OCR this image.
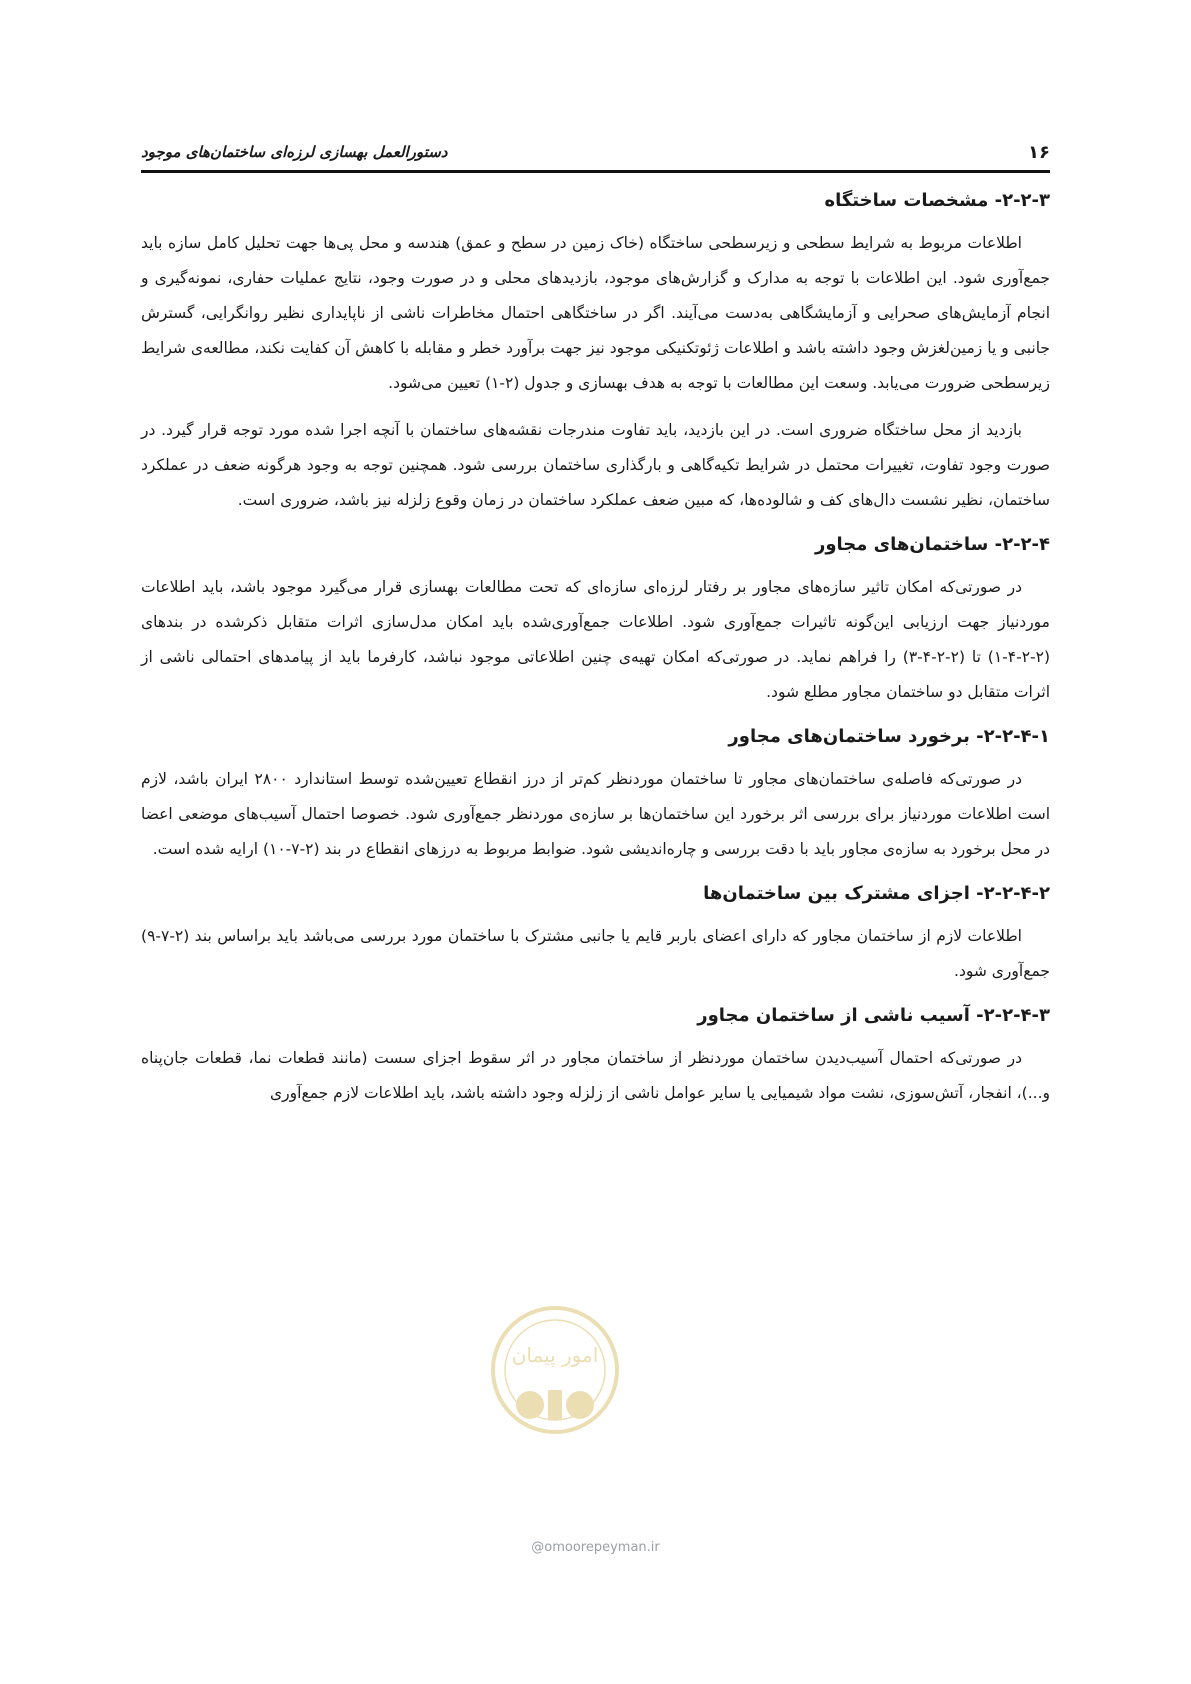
۱۶
دستورالعمل بهسازی لرزه‌ای ساختمان‌های موجود
۲-۲-۳- مشخصات ساختگاه

اطلاعات مربوط به شرایط سطحی و زیرسطحی ساختگاه (خاک زمین در سطح و عمق) هندسه و محل پی‌ها جهت تحلیل کامل سازه باید جمع‌آوری شود. این اطلاعات با توجه به مدارک و گزارش‌های موجود، بازدیدهای محلی و در صورت وجود، نتایج عملیات حفاری، نمونه‌گیری و انجام آزمایش‌های صحرایی و آزمایشگاهی به‌دست می‌آیند. اگر در ساختگاهی احتمال مخاطرات ناشی از ناپایداری نظیر روانگرایی، گسترش جانبی و یا زمین‌لغزش وجود داشته باشد و اطلاعات ژئوتکنیکی موجود نیز جهت برآورد خطر و مقابله با کاهش آن کفایت نکند، مطالعه‌ی شرایط زیرسطحی ضرورت می‌یابد. وسعت این مطالعات با توجه به هدف بهسازی و جدول (۲-۱) تعیین می‌شود.

بازدید از محل ساختگاه ضروری است. در این بازدید، باید تفاوت مندرجات نقشه‌های ساختمان با آنچه اجرا شده مورد توجه قرار گیرد. در صورت وجود تفاوت، تغییرات محتمل در شرایط تکیه‌گاهی و بارگذاری ساختمان بررسی شود. همچنین توجه به وجود هرگونه ضعف در عملکرد ساختمان، نظیر نشست دال‌های کف و شالوده‌ها، که مبین ضعف عملکرد ساختمان در زمان وقوع زلزله نیز باشد، ضروری است.

۲-۲-۴- ساختمان‌های مجاور

در صورتی‌که امکان تاثیر سازه‌های مجاور بر رفتار لرزه‌ای سازه‌ای که تحت مطالعات بهسازی قرار می‌گیرد موجود باشد، باید اطلاعات موردنیاز جهت ارزیابی این‌گونه تاثیرات جمع‌آوری شود. اطلاعات جمع‌آوری‌شده باید امکان مدل‌سازی اثرات متقابل ذکرشده در بندهای (۲-۲-۴-۱) تا (۲-۲-۴-۳) را فراهم نماید. در صورتی‌که امکان تهیه‌ی چنین اطلاعاتی موجود نباشد، کارفرما باید از پیامدهای احتمالی ناشی از اثرات متقابل دو ساختمان مجاور مطلع شود.

۲-۲-۴-۱- برخورد ساختمان‌های مجاور

در صورتی‌که فاصله‌ی ساختمان‌های مجاور تا ساختمان موردنظر کم‌تر از درز انقطاع تعیین‌شده توسط استاندارد ۲۸۰۰ ایران باشد، لازم است اطلاعات موردنیاز برای بررسی اثر برخورد این ساختمان‌ها بر سازه‌ی موردنظر جمع‌آوری شود. خصوصا احتمال آسیب‌های موضعی اعضا در محل برخورد به سازه‌ی مجاور باید با دقت بررسی و چاره‌اندیشی شود. ضوابط مربوط به درزهای انقطاع در بند (۲-۷-۱۰) ارایه شده است.

۲-۲-۴-۲- اجزای مشترک بین ساختمان‌ها

اطلاعات لازم از ساختمان مجاور که دارای اعضای باربر قایم یا جانبی مشترک با ساختمان مورد بررسی می‌باشد باید براساس بند (۲-۷-۹) جمع‌آوری شود.

۲-۲-۴-۳- آسیب ناشی از ساختمان مجاور

در صورتی‌که احتمال آسیب‌دیدن ساختمان موردنظر از ساختمان مجاور در اثر سقوط اجزای سست (مانند قطعات نما، قطعات جان‌پناه و...)، انفجار، آتش‌سوزی، نشت مواد شیمیایی یا سایر عوامل ناشی از زلزله وجود داشته باشد، باید اطلاعات لازم جمع‌آوری

امور پیمان
@omoorepeyman.ir
